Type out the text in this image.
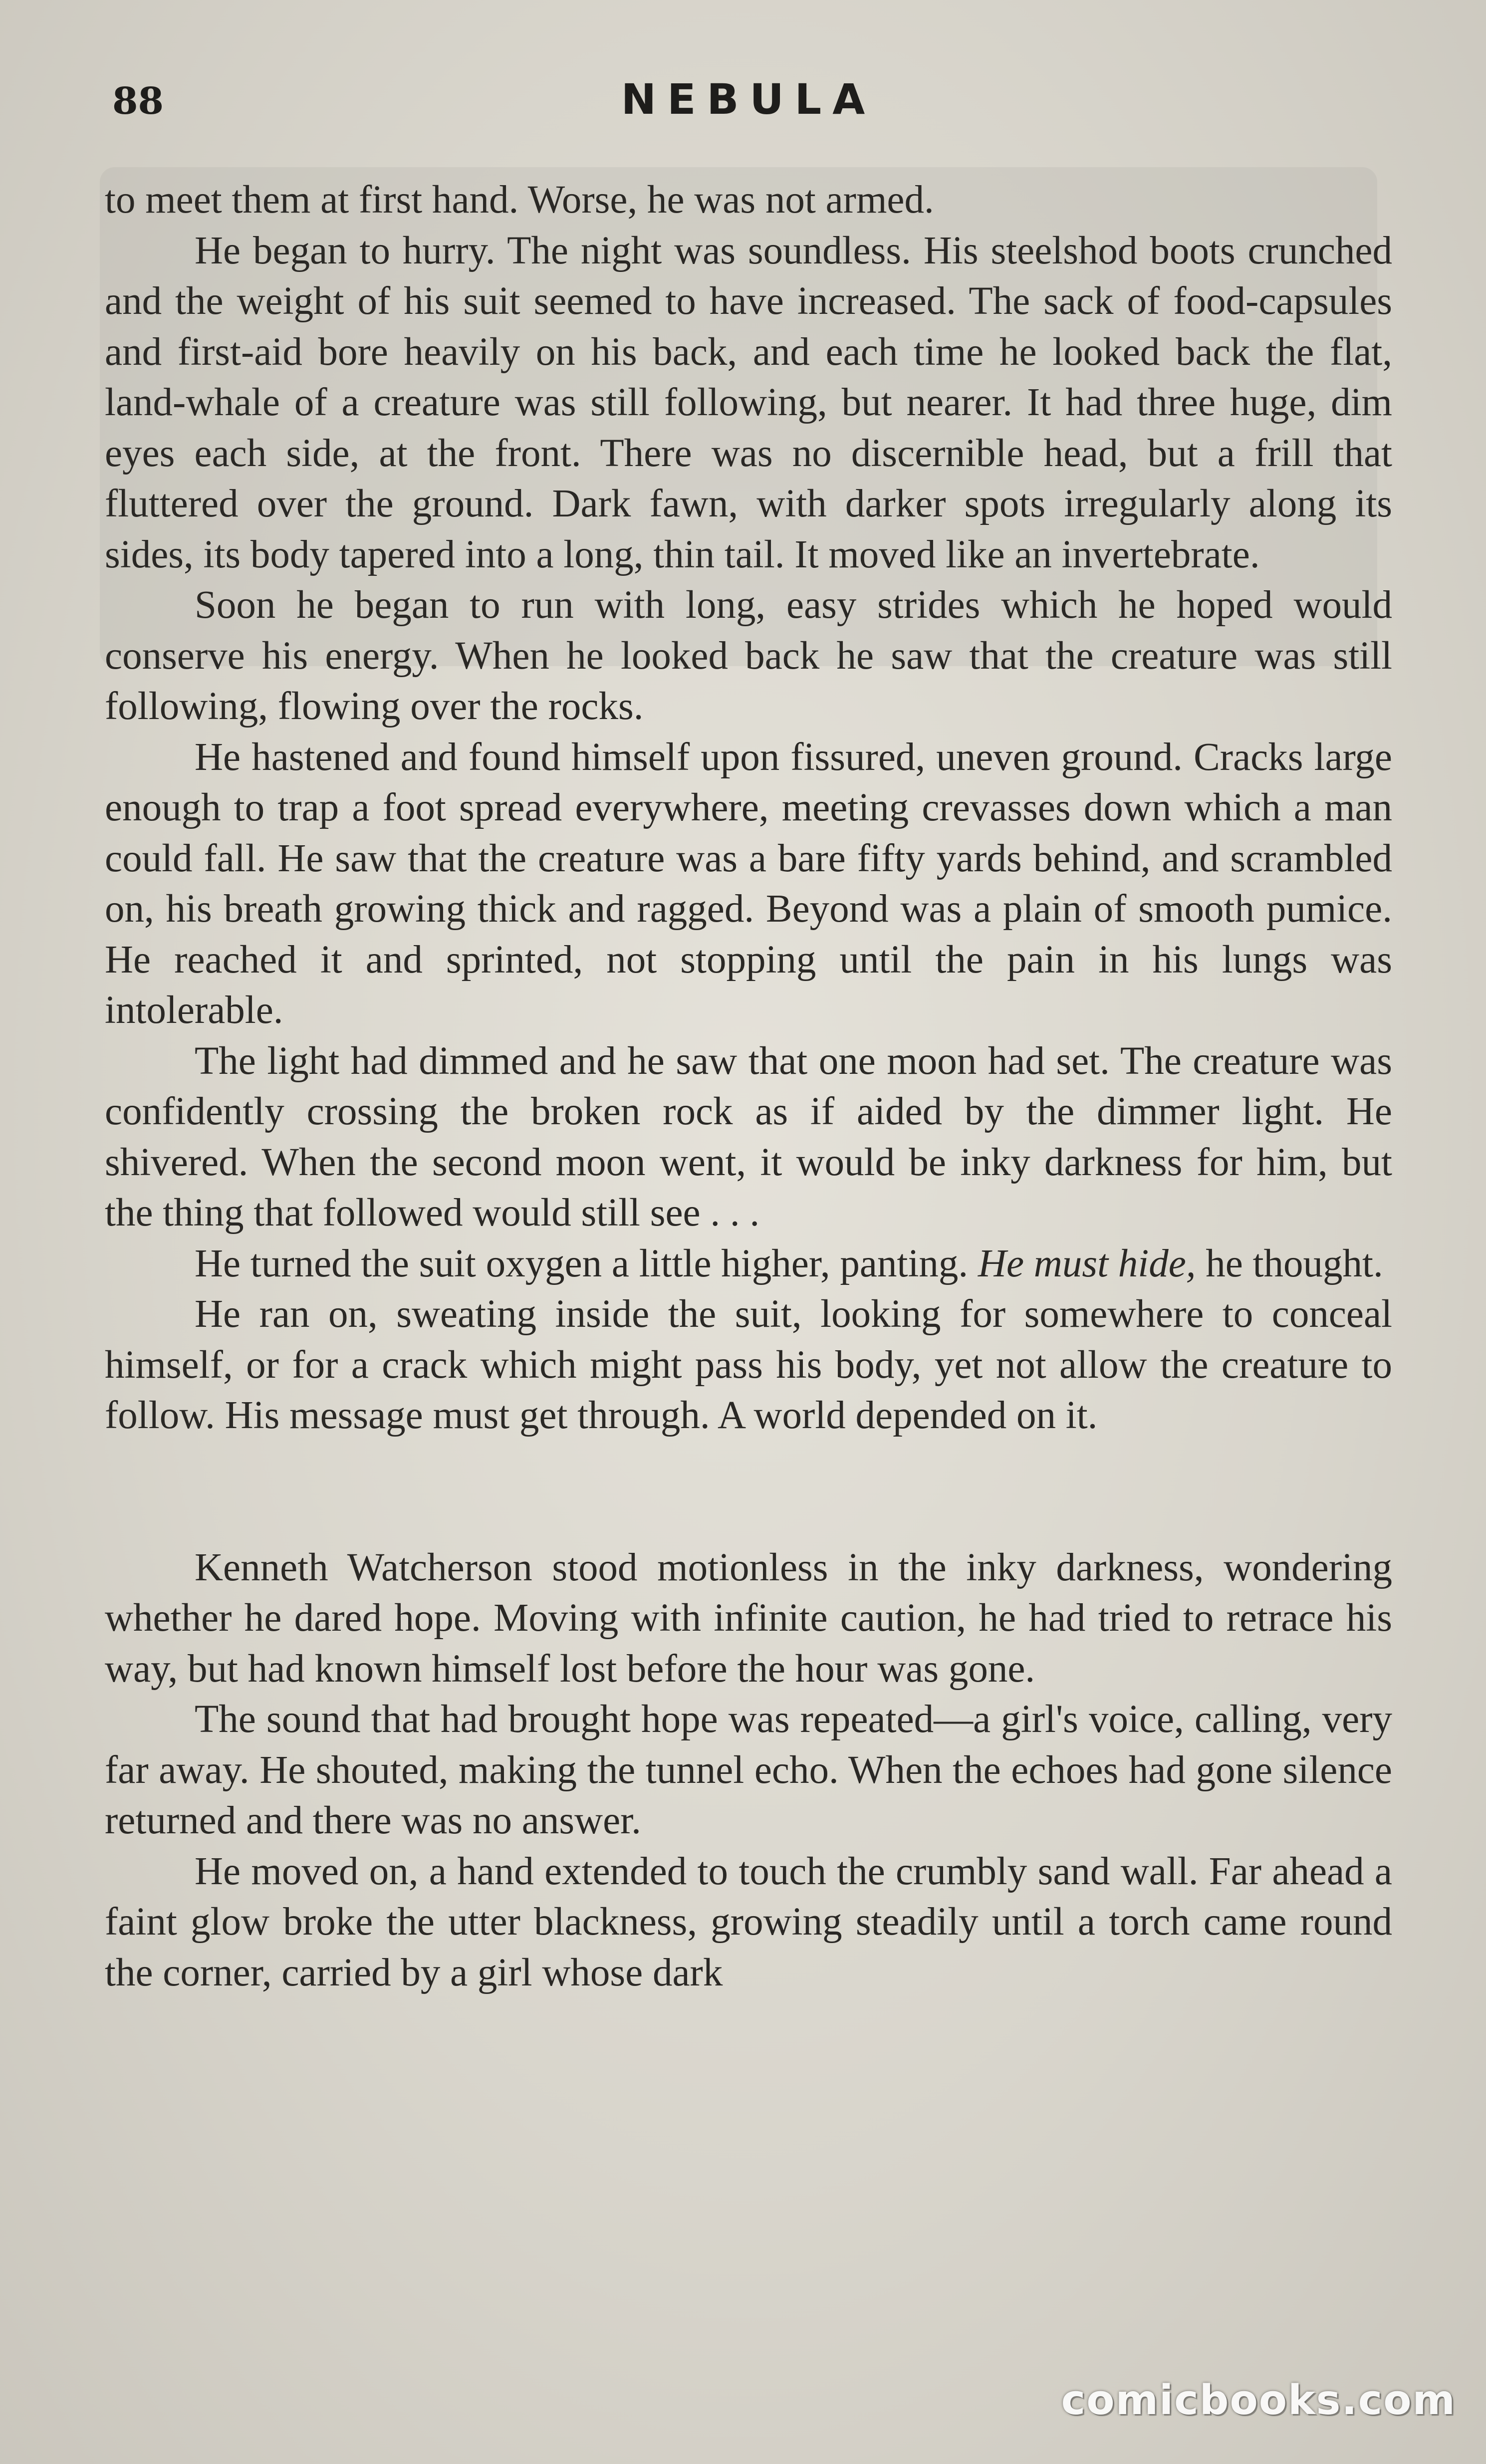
88	NEBULA

to meet them at first hand. Worse, he was not armed.

He began to hurry. The night was soundless. His steelshod boots crunched and the weight of his suit seemed to have increased. The sack of food-capsules and first-aid bore heavily on his back, and each time he looked back the flat, land-whale of a creature was still following, but nearer. It had three huge, dim eyes each side, at the front. There was no discernible head, but a frill that fluttered over the ground. Dark fawn, with darker spots irregularly along its sides, its body tapered into a long, thin tail. It moved like an invertebrate.

Soon he began to run with long, easy strides which he hoped would conserve his energy. When he looked back he saw that the creature was still following, flowing over the rocks.

He hastened and found himself upon fissured, uneven ground. Cracks large enough to trap a foot spread everywhere, meeting crevasses down which a man could fall. He saw that the creature was a bare fifty yards behind, and scrambled on, his breath growing thick and ragged. Beyond was a plain of smooth pumice. He reached it and sprinted, not stopping until the pain in his lungs was intolerable.

The light had dimmed and he saw that one moon had set. The creature was confidently crossing the broken rock as if aided by the dimmer light. He shivered. When the second moon went, it would be inky darkness for him, but the thing that followed would still see . . .

He turned the suit oxygen a little higher, panting. He must hide, he thought.

He ran on, sweating inside the suit, looking for somewhere to conceal himself, or for a crack which might pass his body, yet not allow the creature to follow. His message must get through. A world depended on it.

Kenneth Watcherson stood motionless in the inky darkness, wondering whether he dared hope. Moving with infinite caution, he had tried to retrace his way, but had known himself lost before the hour was gone.

The sound that had brought hope was repeated—a girl's voice, calling, very far away. He shouted, making the tunnel echo. When the echoes had gone silence returned and there was no answer.

He moved on, a hand extended to touch the crumbly sand wall. Far ahead a faint glow broke the utter blackness, growing steadily until a torch came round the corner, carried by a girl whose dark

comicbooks.com
